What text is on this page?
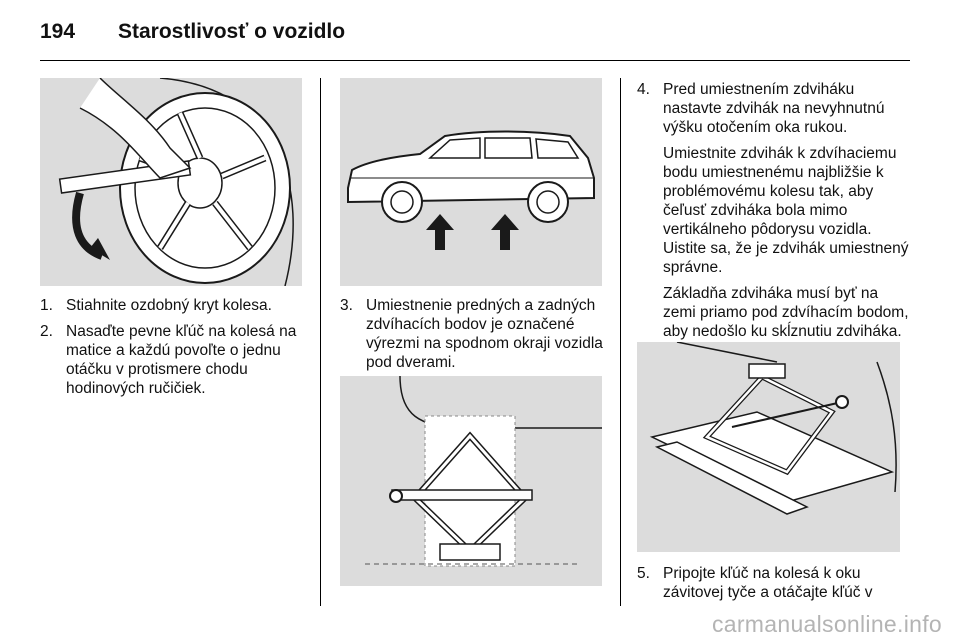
194 Starostlivosť o vozidlo
1. Stiahnite ozdobný kryt kolesa.
2. Nasaďte pevne kľúč na kolesá na matice a každú povoľte o jednu otáčku v protismere chodu hodinových ručičiek.
3. Umiestnenie predných a zadných zdvíhacích bodov je označené výrezmi na spodnom okraji vozidla pod dverami.
4. Pred umiestnením zdviháku nastavte zdvihák na nevyhnutnú výšku otočením oka rukou.

Umiestnite zdvihák k zdvíhaciemu bodu umiestnenému najbližšie k problémovému kolesu tak, aby čeľusť zdviháka bola mimo vertikálneho pôdorysu vozidla. Uistite sa, že je zdvihák umiestnený správne.

Základňa zdviháka musí byť na zemi priamo pod zdvíhacím bodom, aby nedošlo ku skĺznutiu zdviháka.

5. Pripojte kľúč na kolesá k oku závitovej tyče a otáčajte kľúč v
carmanualsonline.info
